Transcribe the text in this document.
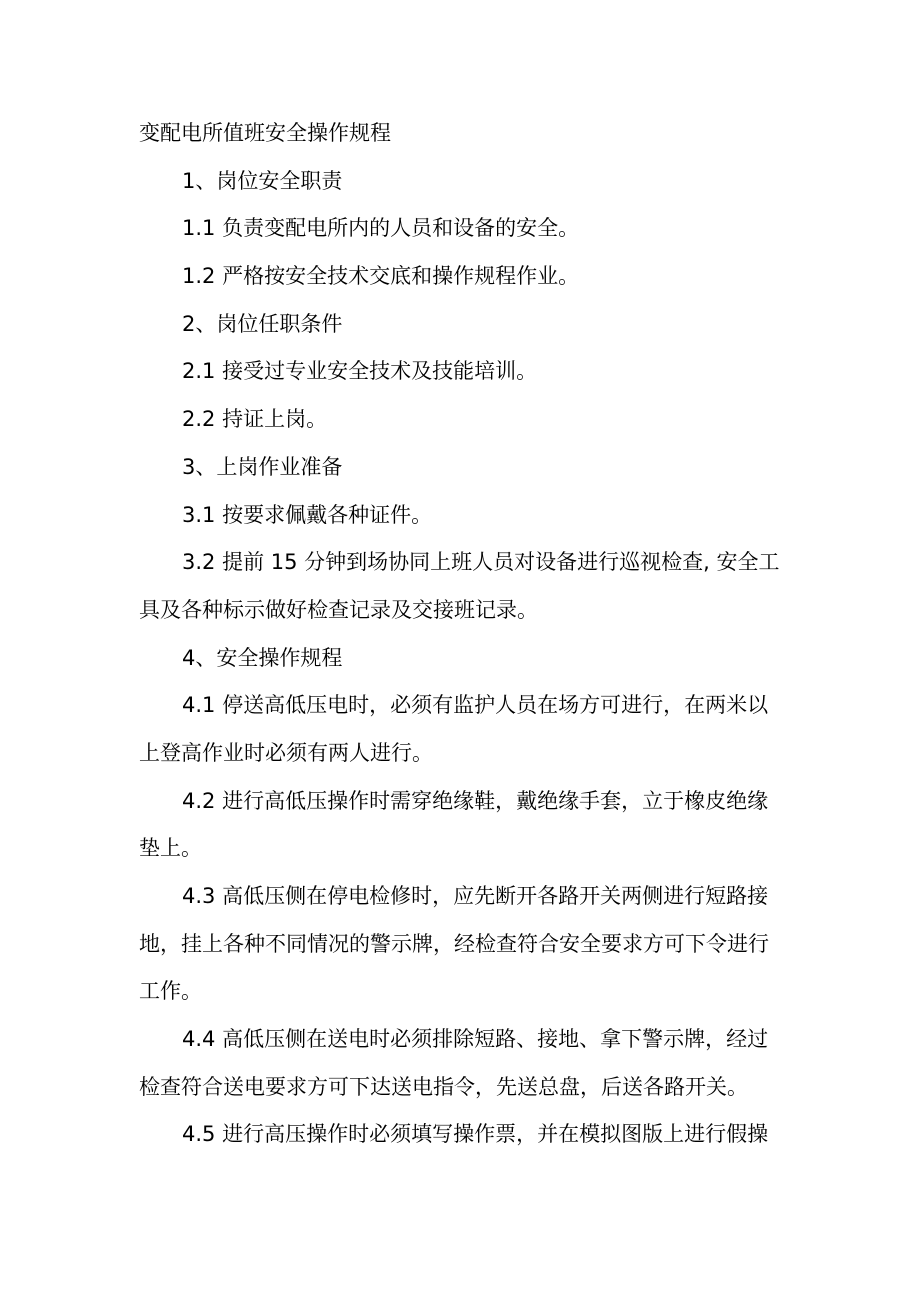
变配电所值班安全操作规程
1、岗位安全职责
1.1 负责变配电所内的人员和设备的安全。
1.2 严格按安全技术交底和操作规程作业。
2、岗位任职条件
2.1 接受过专业安全技术及技能培训。
2.2 持证上岗。
3、上岗作业准备
3.1 按要求佩戴各种证件。
3.2 提前 15 分钟到场协同上班人员对设备进行巡视检查, 安全工
具及各种标示做好检查记录及交接班记录。
4、安全操作规程
4.1 停送高低压电时，必须有监护人员在场方可进行，在两米以
上登高作业时必须有两人进行。
4.2 进行高低压操作时需穿绝缘鞋，戴绝缘手套，立于橡皮绝缘
垫上。
4.3 高低压侧在停电检修时，应先断开各路开关两侧进行短路接
地，挂上各种不同情况的警示牌，经检查符合安全要求方可下令进行
工作。
4.4 高低压侧在送电时必须排除短路、接地、拿下警示牌，经过
检查符合送电要求方可下达送电指令，先送总盘，后送各路开关。
4.5 进行高压操作时必须填写操作票，并在模拟图版上进行假操
